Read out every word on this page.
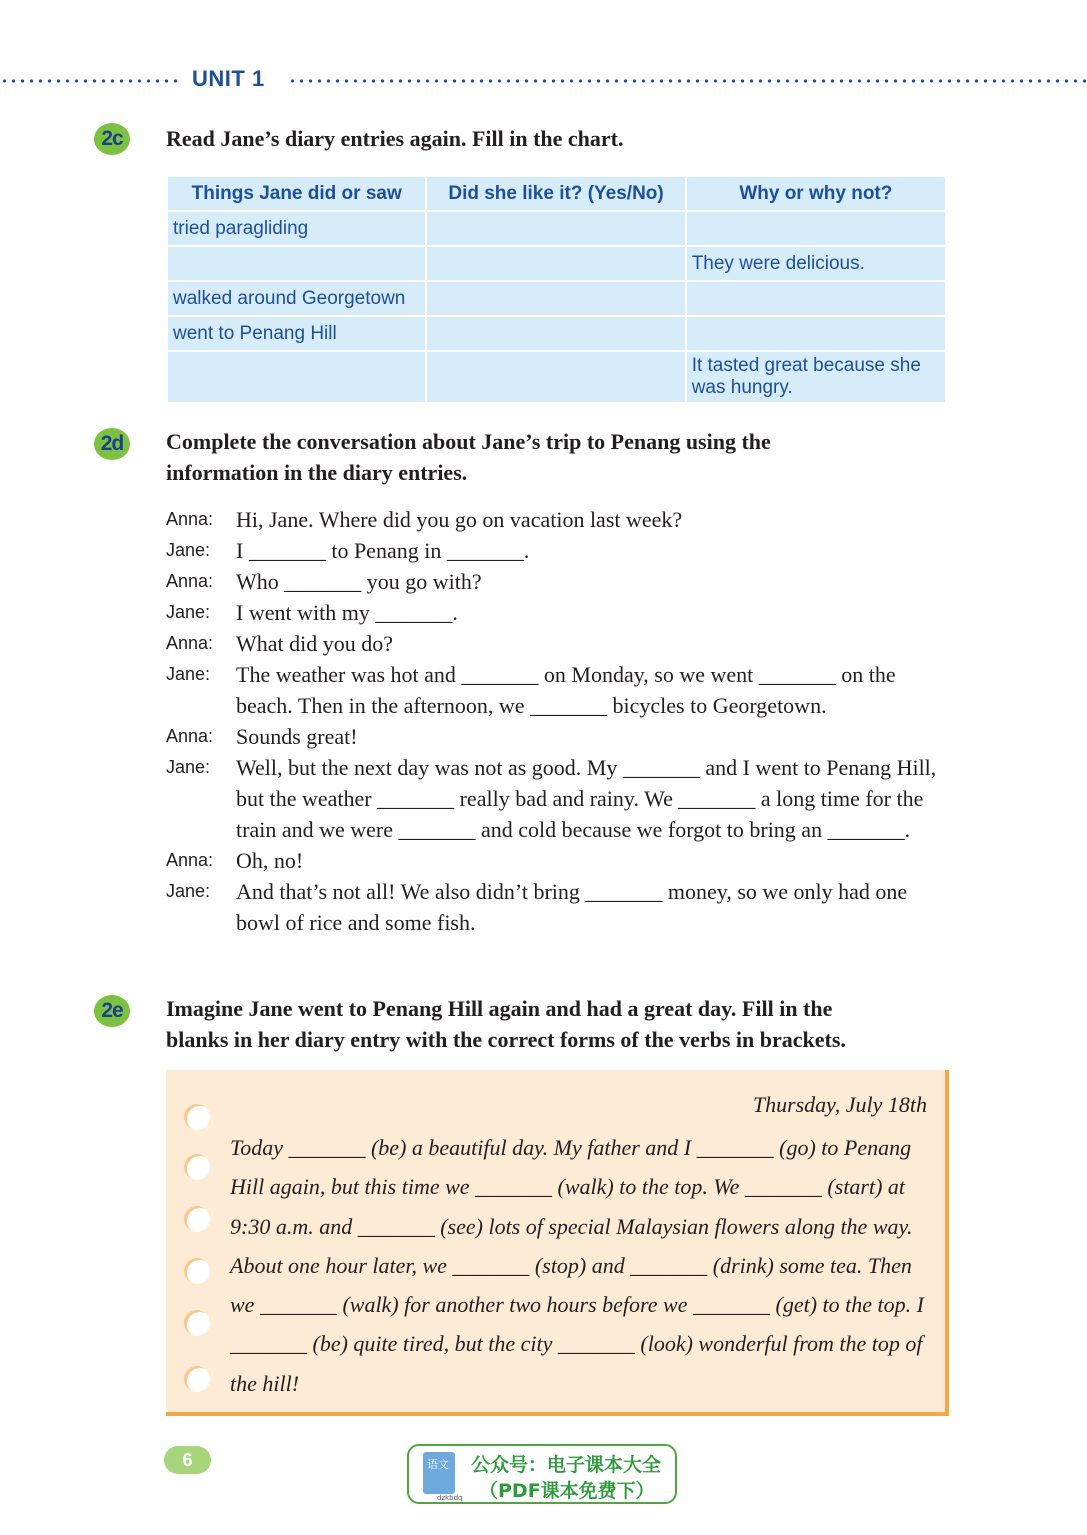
UNIT 1
2c	Read Jane’s diary entries again. Fill in the chart.
Things Jane did or saw	Did she like it? (Yes/No)	Why or why not?
tried paragliding		
		They were delicious.
walked around Georgetown		
went to Penang Hill		
		It tasted great because she was hungry.
2d	Complete the conversation about Jane’s trip to Penang using the
information in the diary entries.
Anna:	Hi, Jane. Where did you go on vacation last week?
Jane:	I _______ to Penang in _______.
Anna:	Who _______ you go with?
Jane:	I went with my _______.
Anna:	What did you do?
Jane:	The weather was hot and _______ on Monday, so we went _______ on the beach. Then in the afternoon, we _______ bicycles to Georgetown.
Anna:	Sounds great!
Jane:	Well, but the next day was not as good. My _______ and I went to Penang Hill, but the weather _______ really bad and rainy. We _______ a long time for the train and we were _______ and cold because we forgot to bring an _______.
Anna:	Oh, no!
Jane:	And that’s not all! We also didn’t bring _______ money, so we only had one bowl of rice and some fish.
2e	Imagine Jane went to Penang Hill again and had a great day. Fill in the
blanks in her diary entry with the correct forms of the verbs in brackets.
Thursday, July 18th
Today _______ (be) a beautiful day. My father and I _______ (go) to Penang Hill again, but this time we _______ (walk) to the top. We _______ (start) at 9:30 a.m. and _______ (see) lots of special Malaysian flowers along the way. About one hour later, we _______ (stop) and _______ (drink) some tea. Then we _______ (walk) for another two hours before we _______ (get) to the top. I _______ (be) quite tired, but the city _______ (look) wonderful from the top of the hill!
6	语文
dzkbdq
公众号：电子课本大全
（PDF课本免费下）
